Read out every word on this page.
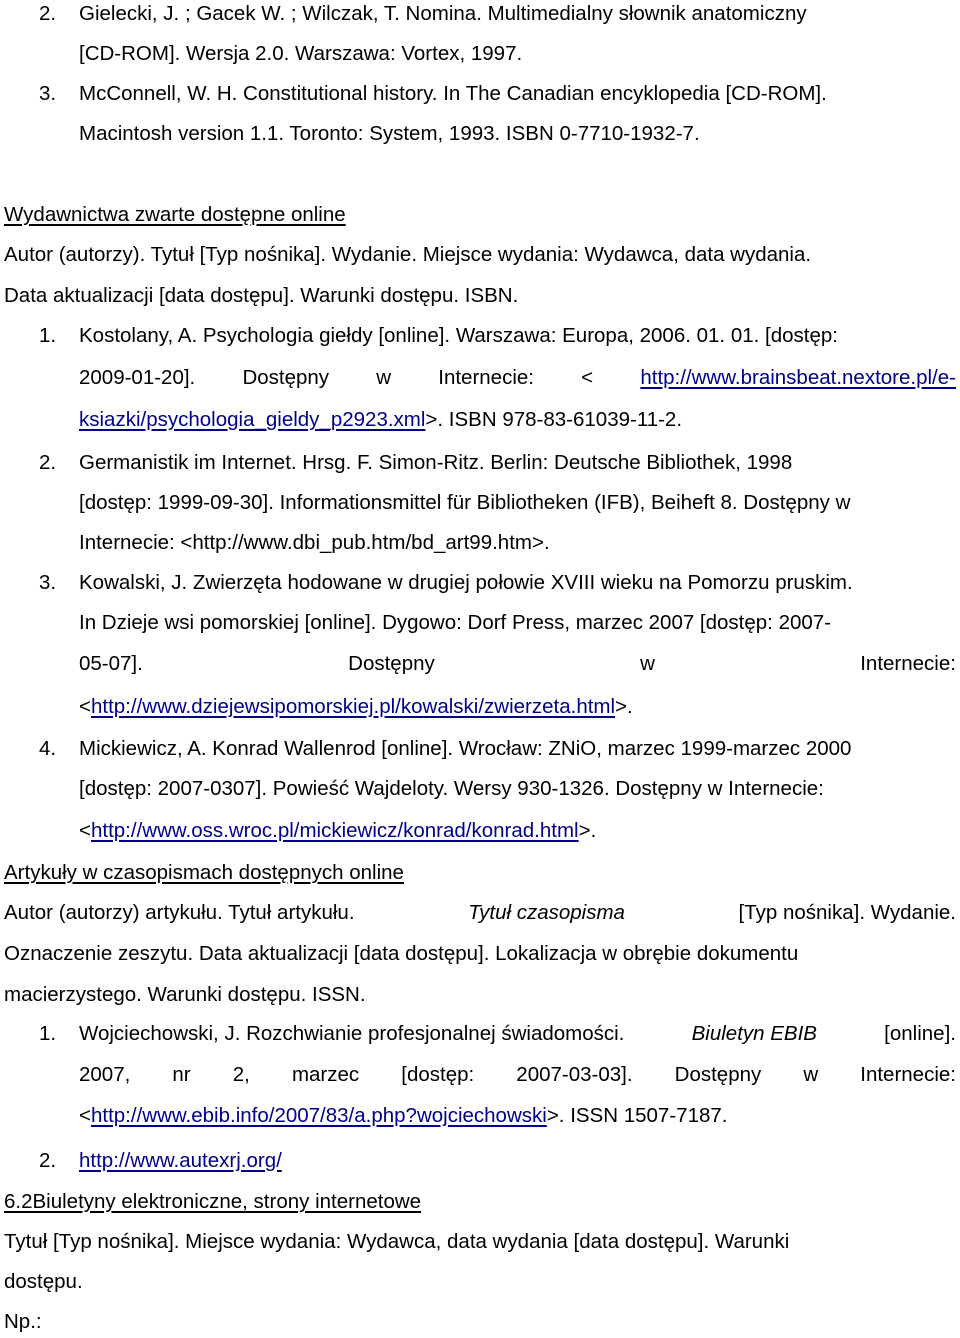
2. Gielecki, J. ; Gacek W. ; Wilczak, T. Nomina. Multimedialny słownik anatomiczny
[CD-ROM]. Wersja 2.0. Warszawa: Vortex, 1997.
3. McConnell, W. H. Constitutional history. In The Canadian encyklopedia [CD-ROM].
Macintosh version 1.1. Toronto: System, 1993. ISBN 0-7710-1932-7.
Wydawnictwa zwarte dostępne online
Autor (autorzy). Tytuł [Typ nośnika]. Wydanie. Miejsce wydania: Wydawca, data wydania.
Data aktualizacji [data dostępu]. Warunki dostępu. ISBN.
1. Kostolany, A. Psychologia giełdy [online]. Warszawa: Europa, 2006. 01. 01. [dostęp:
2009-01-20]. Dostępny w Internecie: < http://www.brainsbeat.nextore.pl/e-
ksiazki/psychologia_gieldy_p2923.xml>. ISBN 978-83-61039-11-2.
2. Germanistik im Internet. Hrsg. F. Simon-Ritz. Berlin: Deutsche Bibliothek, 1998
[dostęp: 1999-09-30]. Informationsmittel für Bibliotheken (IFB), Beiheft 8. Dostępny w
Internecie: <http://www.dbi_pub.htm/bd_art99.htm>.
3. Kowalski, J. Zwierzęta hodowane w drugiej połowie XVIII wieku na Pomorzu pruskim.
In Dzieje wsi pomorskiej [online]. Dygowo: Dorf Press, marzec 2007 [dostęp: 2007-
05-07].	Dostępny	w	Internecie:
<http://www.dziejewsipomorskiej.pl/kowalski/zwierzeta.html>.
4. Mickiewicz, A. Konrad Wallenrod [online]. Wrocław: ZNiO, marzec 1999-marzec 2000
[dostęp: 2007-0307]. Powieść Wajdeloty. Wersy 930-1326. Dostępny w Internecie:
<http://www.oss.wroc.pl/mickiewicz/konrad/konrad.html>.
Artykuły w czasopismach dostępnych online
Autor (autorzy) artykułu. Tytuł artykułu.	Tytuł czasopisma	[Typ nośnika]. Wydanie.
Oznaczenie zeszytu. Data aktualizacji [data dostępu]. Lokalizacja w obrębie dokumentu
macierzystego. Warunki dostępu. ISSN.
1. Wojciechowski, J. Rozchwianie profesjonalnej świadomości.	Biuletyn EBIB	[online].
2007, nr 2, marzec [dostęp: 2007-03-03]. Dostępny w Internecie:
<http://www.ebib.info/2007/83/a.php?wojciechowski>. ISSN 1507-7187.
2. http://www.autexrj.org/
6.2Biuletyny elektroniczne, strony internetowe
Tytuł [Typ nośnika]. Miejsce wydania: Wydawca, data wydania [data dostępu]. Warunki
dostępu.
Np.:
